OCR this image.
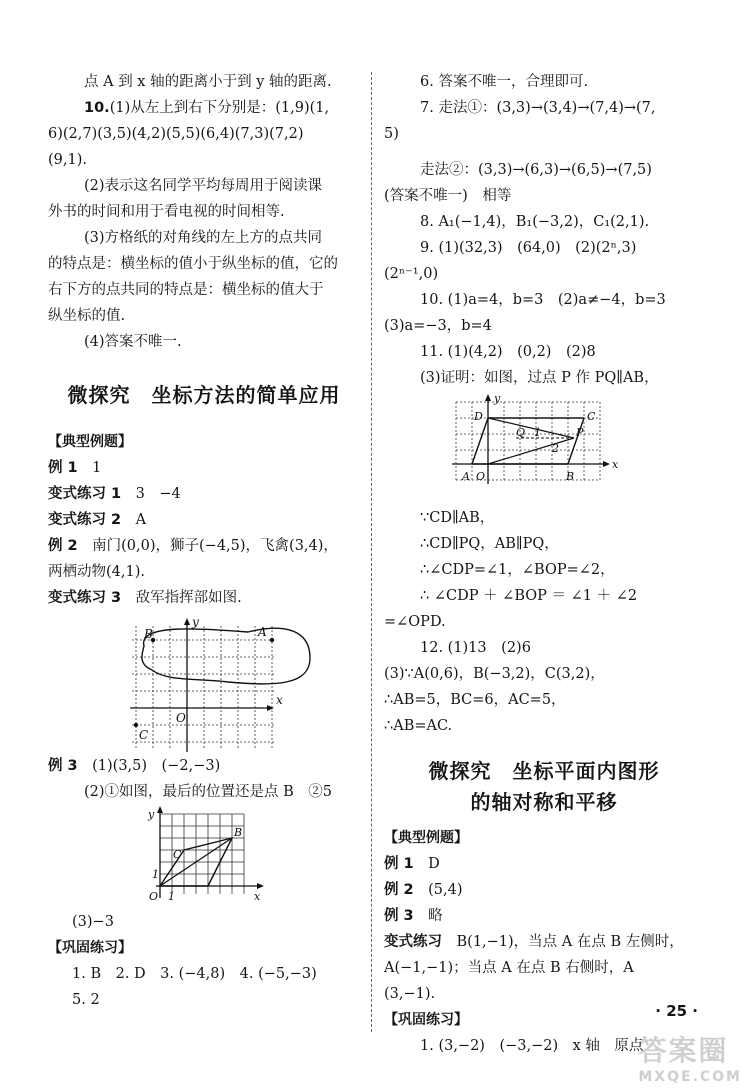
点 A 到 x 轴的距离小于到 y 轴的距离.
10.(1)从左上到右下分别是：(1,9)(1,
6)(2,7)(3,5)(4,2)(5,5)(6,4)(7,3)(7,2)
(9,1).
(2)表示这名同学平均每周用于阅读课
外书的时间和用于看电视的时间相等.
(3)方格纸的对角线的左上方的点共同
的特点是：横坐标的值小于纵坐标的值，它的
右下方的点共同的特点是：横坐标的值大于
纵坐标的值.
(4)答案不唯一.
微探究　坐标方法的简单应用
【典型例题】
例 1　 1
变式练习 1　 3　−4
变式练习 2　 A
例 2　 南门(0,0)，狮子(−4,5)，飞禽(3,4)，
两栖动物(4,1).
变式练习 3　 敌军指挥部如图.
B	A
C
O
x
y
例 3　 (1)(3,5)　(−2,−3)
(2)①如图，最后的位置还是点 B　②5
B
C
O 1
1
x
y
(3)−3
【巩固练习】
1. B　2. D　3. (−4,8)　4. (−5,−3)
5. 2
6. 答案不唯一，合理即可.
7. 走法①：(3,3)→(3,4)→(7,4)→(7,
5)
走法②：(3,3)→(6,3)→(6,5)→(7,5)
(答案不唯一)　相等
8. A₁(−1,4)，B₁(−3,2)，C₁(2,1).
9. (1)(32,3)　(64,0)　(2)(2ⁿ,3)
(2ⁿ⁻¹,0)
10. (1)a=4，b=3　(2)a≠−4，b=3
(3)a=−3，b=4
11. (1)(4,2)　(0,2)　(2)8
(3)证明：如图，过点 P 作 PQ∥AB，
D	C
A O	B
P
Q 1
2
x
y
∵CD∥AB，
∴CD∥PQ，AB∥PQ，
∴∠CDP=∠1，∠BOP=∠2，
∴ ∠CDP ＋ ∠BOP ＝ ∠1 ＋ ∠2
=∠OPD.
12. (1)13　(2)6
(3)∵A(0,6)，B(−3,2)，C(3,2)，
∴AB=5，BC=6，AC=5，
∴AB=AC.
微探究　坐标平面内图形
的轴对称和平移
【典型例题】
例 1　 D
例 2　 (5,4)
例 3　 略
变式练习　 B(1,−1)，当点 A 在点 B 左侧时，
A(−1,−1)；当点 A 在点 B 右侧时，A
(3,−1).
【巩固练习】
1. (3,−2)　(−3,−2)　x 轴　原点
· 25 ·
答案圈
MXQE.COM
